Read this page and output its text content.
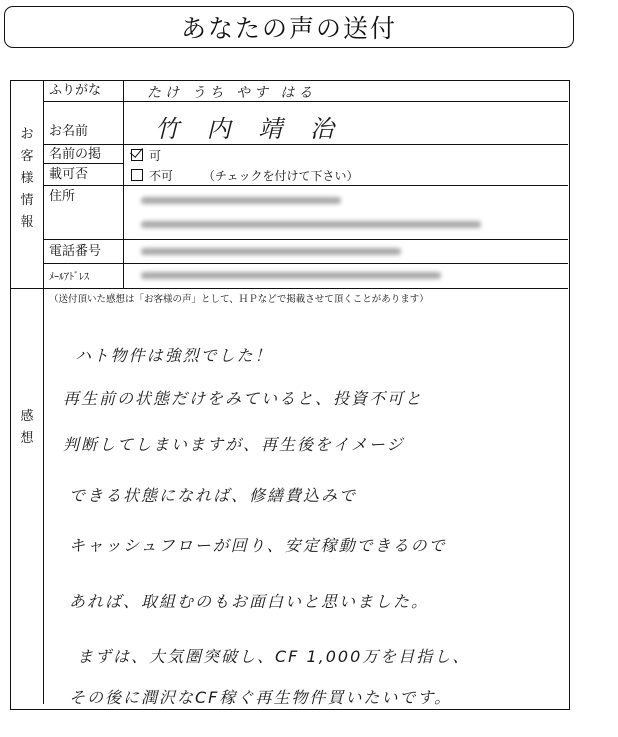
あなたの声の送付
お
客
様
情
報
ふりがな	たけ うち やす はる
お名前	竹 内 靖 治
名前の掲
載可否
可
不可 （チェックを付けて下さい）
住所
電話番号
ﾒｰﾙｱﾄﾞﾚｽ
感
想
（送付頂いた感想は「お客様の声」として、ＨＰなどで掲載させて頂くことがあります）
ハト物件は強烈でした！
再生前の状態だけをみていると、投資不可と
判断してしまいますが、再生後をイメージ
できる状態になれば、修繕費込みで
キャッシュフローが回り、安定稼動できるので
あれば、取組むのもお面白いと思いました。
まずは、大気圏突破し、CF 1,000万を目指し、
その後に潤沢なCF稼ぐ再生物件買いたいです。
